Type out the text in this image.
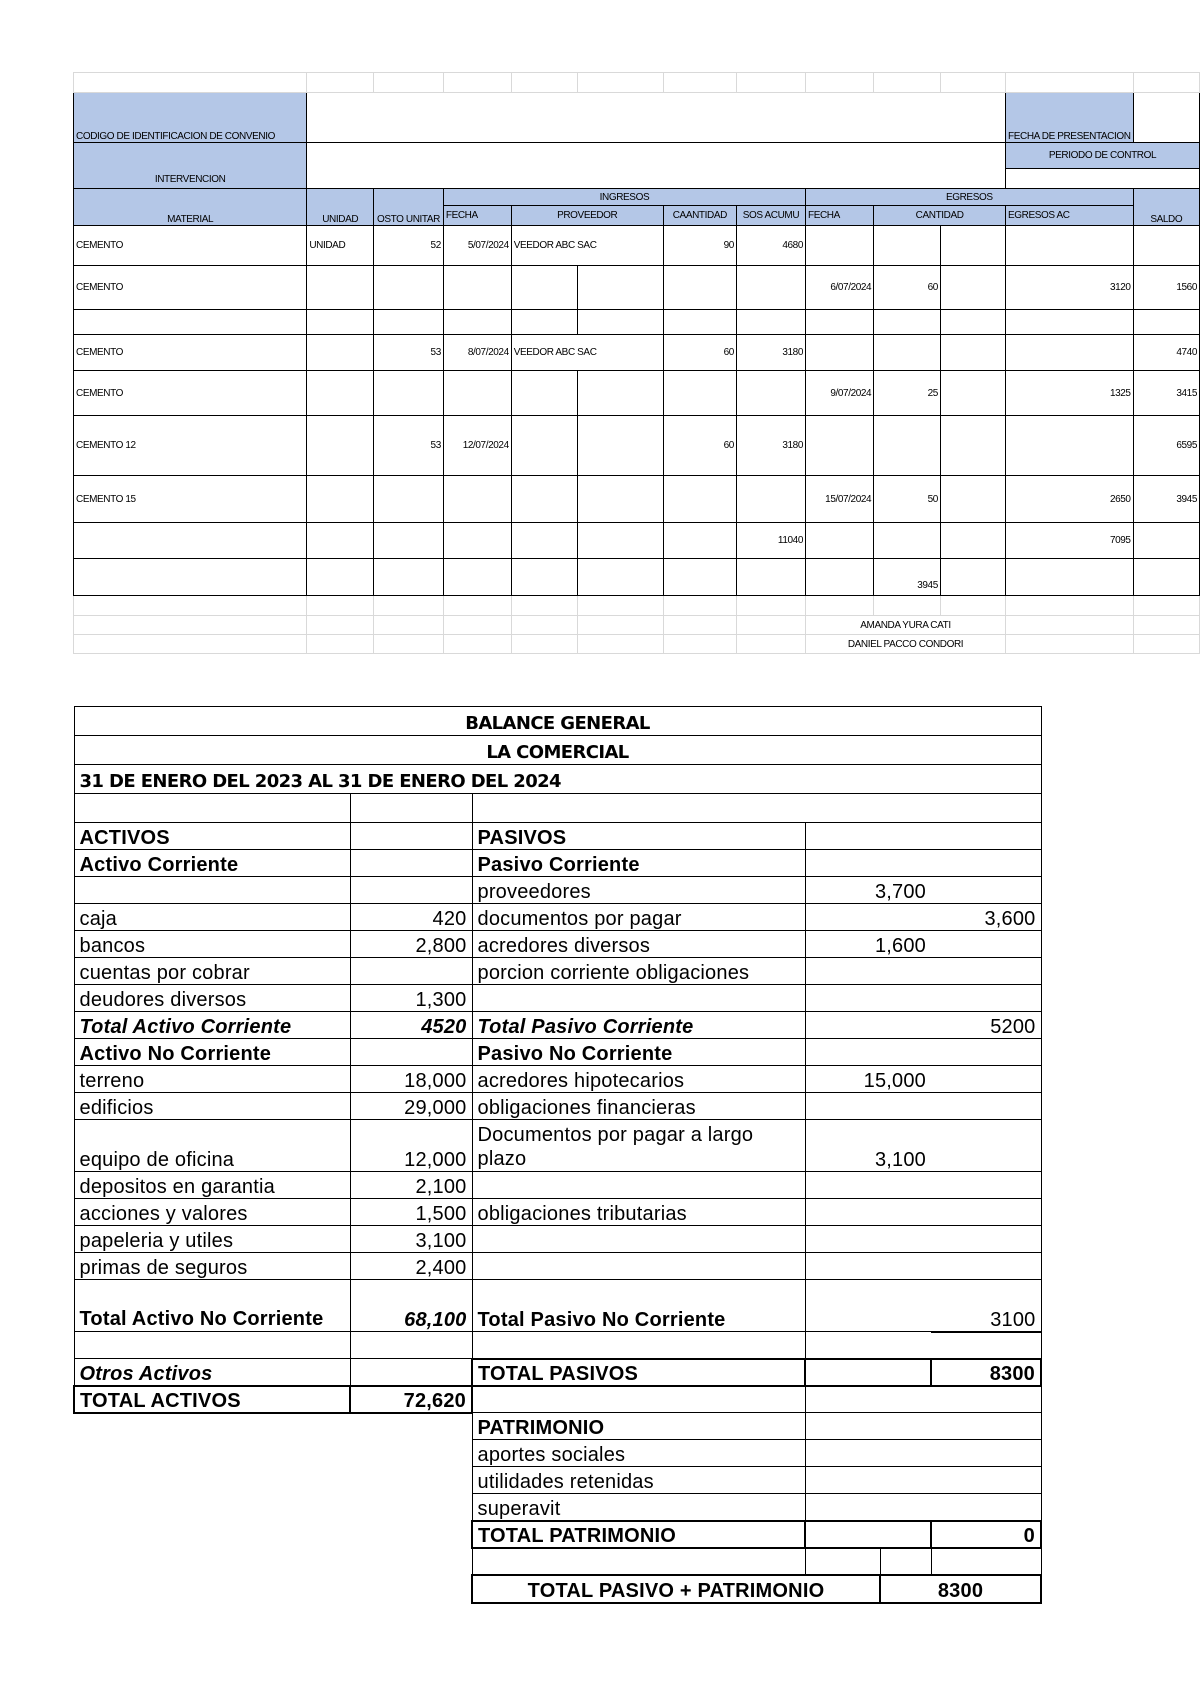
CODIGO DE IDENTIFICACION DE CONVENIO											FECHA DE PRESENTACION	
INTERVENCION											PERIODO DE CONTROL	

MATERIAL	UNIDAD	OSTO UNITAR	INGRESOS					EGRESOS				SALDO
			FECHA	PROVEEDOR		CAANTIDAD	SOS ACUMU	FECHA	CANTIDAD		EGRESOS AC	
CEMENTO	UNIDAD	52	5/07/2024	VEEDOR ABC SAC		90	4680					
CEMENTO								6/07/2024	60		3120	1560

CEMENTO		53	8/07/2024	VEEDOR ABC SAC		60	3180					4740
CEMENTO								9/07/2024	25		1325	3415
CEMENTO 12		53	12/07/2024			60	3180					6595
CEMENTO 15								15/07/2024	50		2650	3945
							11040				7095	
									3945			

								AMANDA YURA CATI				
								DANIEL PACCO CONDORI				
BALANCE GENERAL					
LA COMERCIAL					
31 DE ENERO DEL 2023 AL 31 DE ENERO DEL 2024					

ACTIVOS		PASIVOS			
Activo Corriente		Pasivo Corriente			
		proveedores	3,700		
caja	420	documentos por pagar			3,600
bancos	2,800	acredores diversos	1,600		
cuentas por cobrar		porcion corriente obligaciones			
deudores diversos	1,300				
Total Activo Corriente	4520	Total Pasivo Corriente			5200
Activo No Corriente		Pasivo No Corriente			
terreno	18,000	acredores hipotecarios	15,000		
edificios	29,000	obligaciones financieras			
equipo de oficina	12,000	Documentos por pagar a largo plazo	3,100		
depositos en garantia	2,100				
acciones y valores	1,500	obligaciones tributarias			
papeleria y utiles	3,100				
primas de seguros	2,400				
Total Activo No Corriente	68,100	Total Pasivo No Corriente			3100

Otros Activos		TOTAL PASIVOS			8300
TOTAL ACTIVOS	72,620				
		PATRIMONIO			
		aportes sociales			
		utilidades retenidas			
		superavit			
		TOTAL PATRIMONIO			0

		TOTAL PASIVO + PATRIMONIO		8300	
